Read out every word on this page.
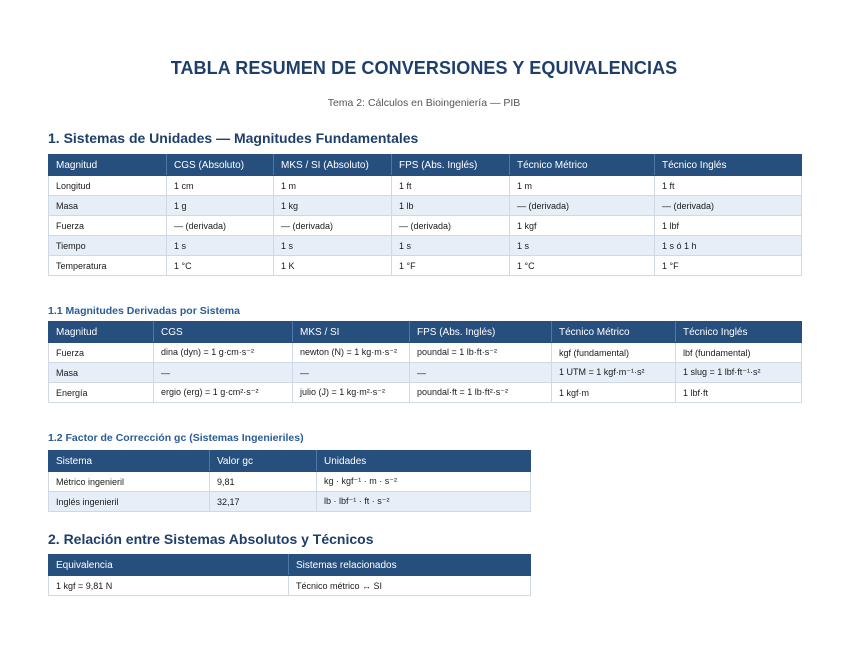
TABLA RESUMEN DE CONVERSIONES Y EQUIVALENCIAS
Tema 2: Cálculos en Bioingeniería — PIB
1. Sistemas de Unidades — Magnitudes Fundamentales
Magnitud	CGS (Absoluto)	MKS / SI (Absoluto)	FPS (Abs. Inglés)	Técnico Métrico	Técnico Inglés
Longitud	1 cm	1 m	1 ft	1 m	1 ft
Masa	1 g	1 kg	1 lb	— (derivada)	— (derivada)
Fuerza	— (derivada)	— (derivada)	— (derivada)	1 kgf	1 lbf
Tiempo	1 s	1 s	1 s	1 s	1 s ó 1 h
Temperatura	1 °C	1 K	1 °F	1 °C	1 °F
1.1 Magnitudes Derivadas por Sistema
Magnitud	CGS	MKS / SI	FPS (Abs. Inglés)	Técnico Métrico	Técnico Inglés
Fuerza	dina (dyn) = 1 g·cm·s⁻²	newton (N) = 1 kg·m·s⁻²	poundal = 1 lb·ft·s⁻²	kgf (fundamental)	lbf (fundamental)
Masa	—	—	—	1 UTM = 1 kgf·m⁻¹·s²	1 slug = 1 lbf·ft⁻¹·s²
Energía	ergio (erg) = 1 g·cm²·s⁻²	julio (J) = 1 kg·m²·s⁻²	poundal·ft = 1 lb·ft²·s⁻²	1 kgf·m	1 lbf·ft
1.2 Factor de Corrección gc (Sistemas Ingenieriles)
Sistema	Valor gc	Unidades
Métrico ingenieril	9,81	kg · kgf⁻¹ · m · s⁻²
Inglés ingenieril	32,17	lb · lbf⁻¹ · ft · s⁻²
2. Relación entre Sistemas Absolutos y Técnicos
Equivalencia	Sistemas relacionados
1 kgf = 9,81 N	Técnico métrico ↔ SI
